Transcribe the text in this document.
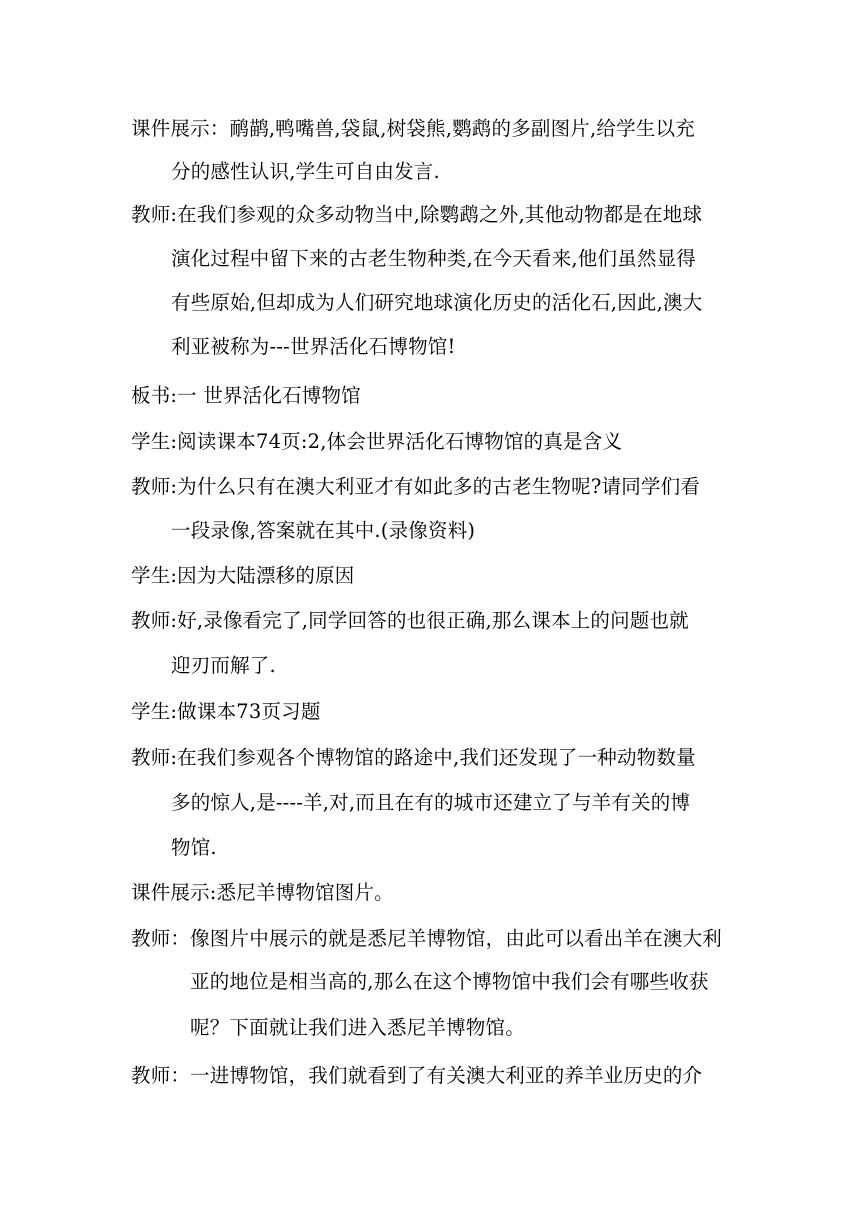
课件展示：鸸鹋,鸭嘴兽,袋鼠,树袋熊,鹦鹉的多副图片,给学生以充
分的感性认识,学生可自由发言.
教师:在我们参观的众多动物当中,除鹦鹉之外,其他动物都是在地球
演化过程中留下来的古老生物种类,在今天看来,他们虽然显得
有些原始,但却成为人们研究地球演化历史的活化石,因此,澳大
利亚被称为---世界活化石博物馆!
板书:一 世界活化石博物馆
学生:阅读课本74页:2,体会世界活化石博物馆的真是含义
教师:为什么只有在澳大利亚才有如此多的古老生物呢?请同学们看
一段录像,答案就在其中.(录像资料)
学生:因为大陆漂移的原因
教师:好,录像看完了,同学回答的也很正确,那么课本上的问题也就
迎刃而解了.
学生:做课本73页习题
教师:在我们参观各个博物馆的路途中,我们还发现了一种动物数量
多的惊人,是----羊,对,而且在有的城市还建立了与羊有关的博
物馆.
课件展示:悉尼羊博物馆图片。
教师：像图片中展示的就是悉尼羊博物馆，由此可以看出羊在澳大利
亚的地位是相当高的,那么在这个博物馆中我们会有哪些收获
呢？下面就让我们进入悉尼羊博物馆。
教师：一进博物馆，我们就看到了有关澳大利亚的养羊业历史的介
